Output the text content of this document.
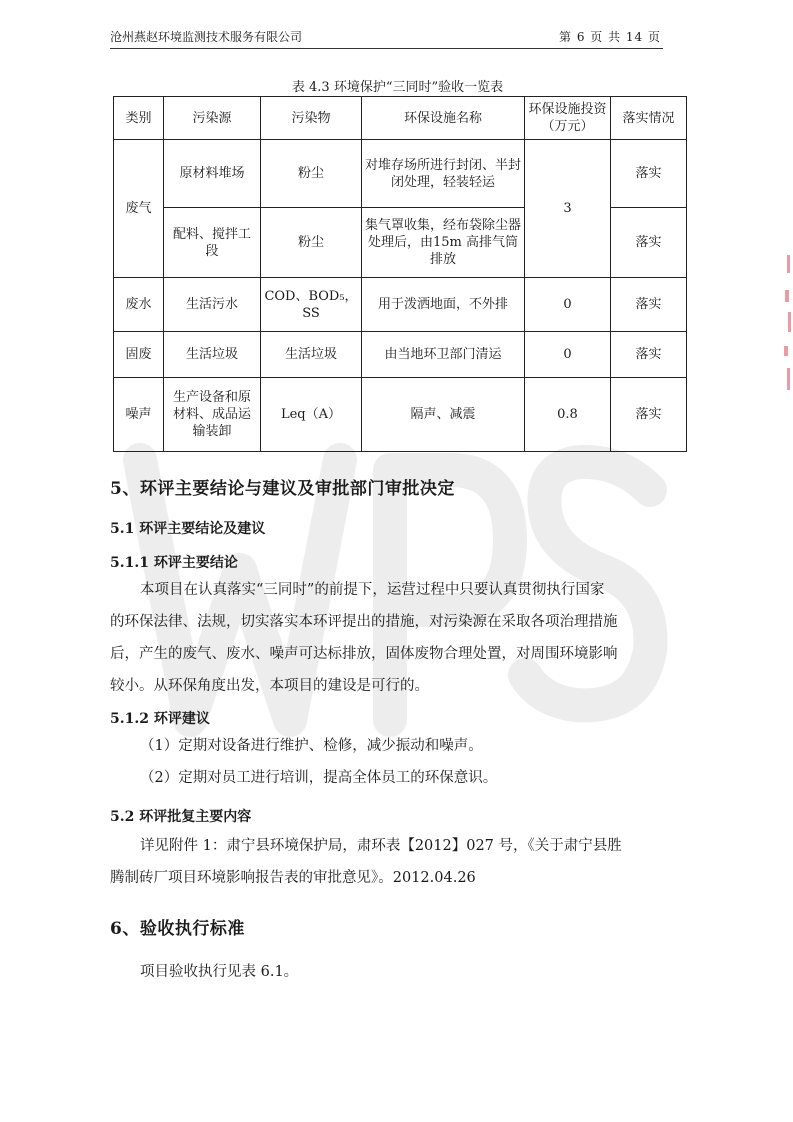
沧州燕赵环境监测技术服务有限公司	第 6 页 共 14 页
表 4.3 环境保护“三同时”验收一览表
类别	污染源	污染物	环保设施名称	环保设施投资（万元）	落实情况
废气	原材料堆场	粉尘	对堆存场所进行封闭、半封闭处理，轻装轻运	3	落实
	配料、搅拌工段	粉尘	集气罩收集，经布袋除尘器处理后，由15m 高排气筒排放		落实
废水	生活污水	COD、BOD₅，SS	用于泼洒地面，不外排	0	落实
固废	生活垃圾	生活垃圾	由当地环卫部门清运	0	落实
噪声	生产设备和原材料、成品运输装卸	Leq（A）	隔声、减震	0.8	落实
5、环评主要结论与建议及审批部门审批决定
5.1 环评主要结论及建议
5.1.1 环评主要结论
本项目在认真落实“三同时”的前提下，运营过程中只要认真贯彻执行国家
的环保法律、法规，切实落实本环评提出的措施，对污染源在采取各项治理措施
后，产生的废气、废水、噪声可达标排放，固体废物合理处置，对周围环境影响
较小。从环保角度出发，本项目的建设是可行的。
5.1.2 环评建议
（1）定期对设备进行维护、检修，减少振动和噪声。
（2）定期对员工进行培训，提高全体员工的环保意识。
5.2 环评批复主要内容
详见附件 1：肃宁县环境保护局，肃环表【2012】027 号，《关于肃宁县胜
腾制砖厂项目环境影响报告表的审批意见》。2012.04.26
6、验收执行标准
项目验收执行见表 6.1。
